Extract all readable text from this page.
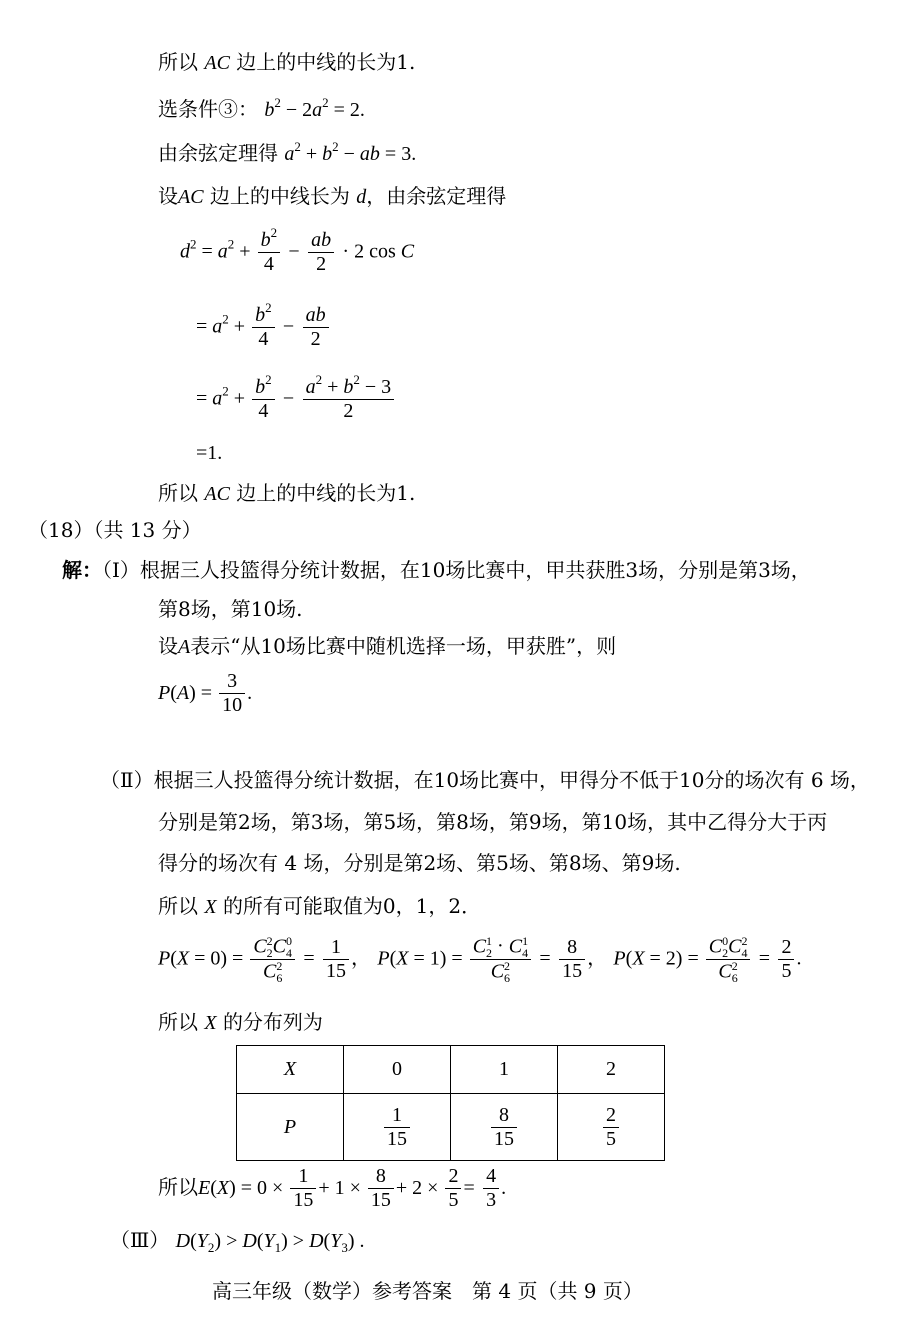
所以 AC 边上的中线的长为1.
选条件③： $b^2 - 2a^2 = 2$.
由余弦定理得 $a^2 + b^2$ − ab = 3.
设AC 边上的中线长为 d，由余弦定理得
$d^2 = a^2 + \frac{b^2}{4} - \frac{ab}{2} \cdot 2$ cos C
= $a^2 + \frac{b^2}{4} - \frac{ab}{2}$
= $a^2 + \frac{b^2}{4} - \frac{a^2 + b^2 - 3}{2}$
=1.
所以 AC 边上的中线的长为1.
（18）（共 13 分）
解：（Ⅰ）根据三人投篮得分统计数据，在10场比赛中，甲共获胜3场，分别是第3场，
第8场，第10场.
设A表示“从10场比赛中随机选择一场，甲获胜”，则
$P(A) = \frac{3}{10}$ .
（Ⅱ）根据三人投篮得分统计数据，在10场比赛中，甲得分不低于10分的场次有 6 场，
分别是第2场，第3场，第5场，第8场，第9场，第10场，其中乙得分大于丙
得分的场次有 4 场，分别是第2场、第5场、第8场、第9场.
所以 X 的所有可能取值为0，1，2．
P(X = 0) = C 2
2 C 0
4
C 2
$6 = \frac{1}{15}$ ， P(X = 1) = C 1
2 · C 1
4
C 2
$6 = \frac{8}{15}$ ， P(X = 2) = C 0
2 C 2
4
C 2
$6 = \frac{2}{5}$ .
所以 X 的分布列为
X	0	1	2
P	$\frac{1}{15}$	$\frac{8}{15}$	$\frac{2}{5}$
所以$E(X) = 0 \times \frac{1}{15} + 1 \times \frac{8}{15} + 2 \times \frac{2}{5} = \frac{4}{3}$ .
（Ⅲ） $D(Y_2) > D(Y_1) > D(Y_3)$ .
高三年级（数学）参考答案　第 4 页（共 9 页）
